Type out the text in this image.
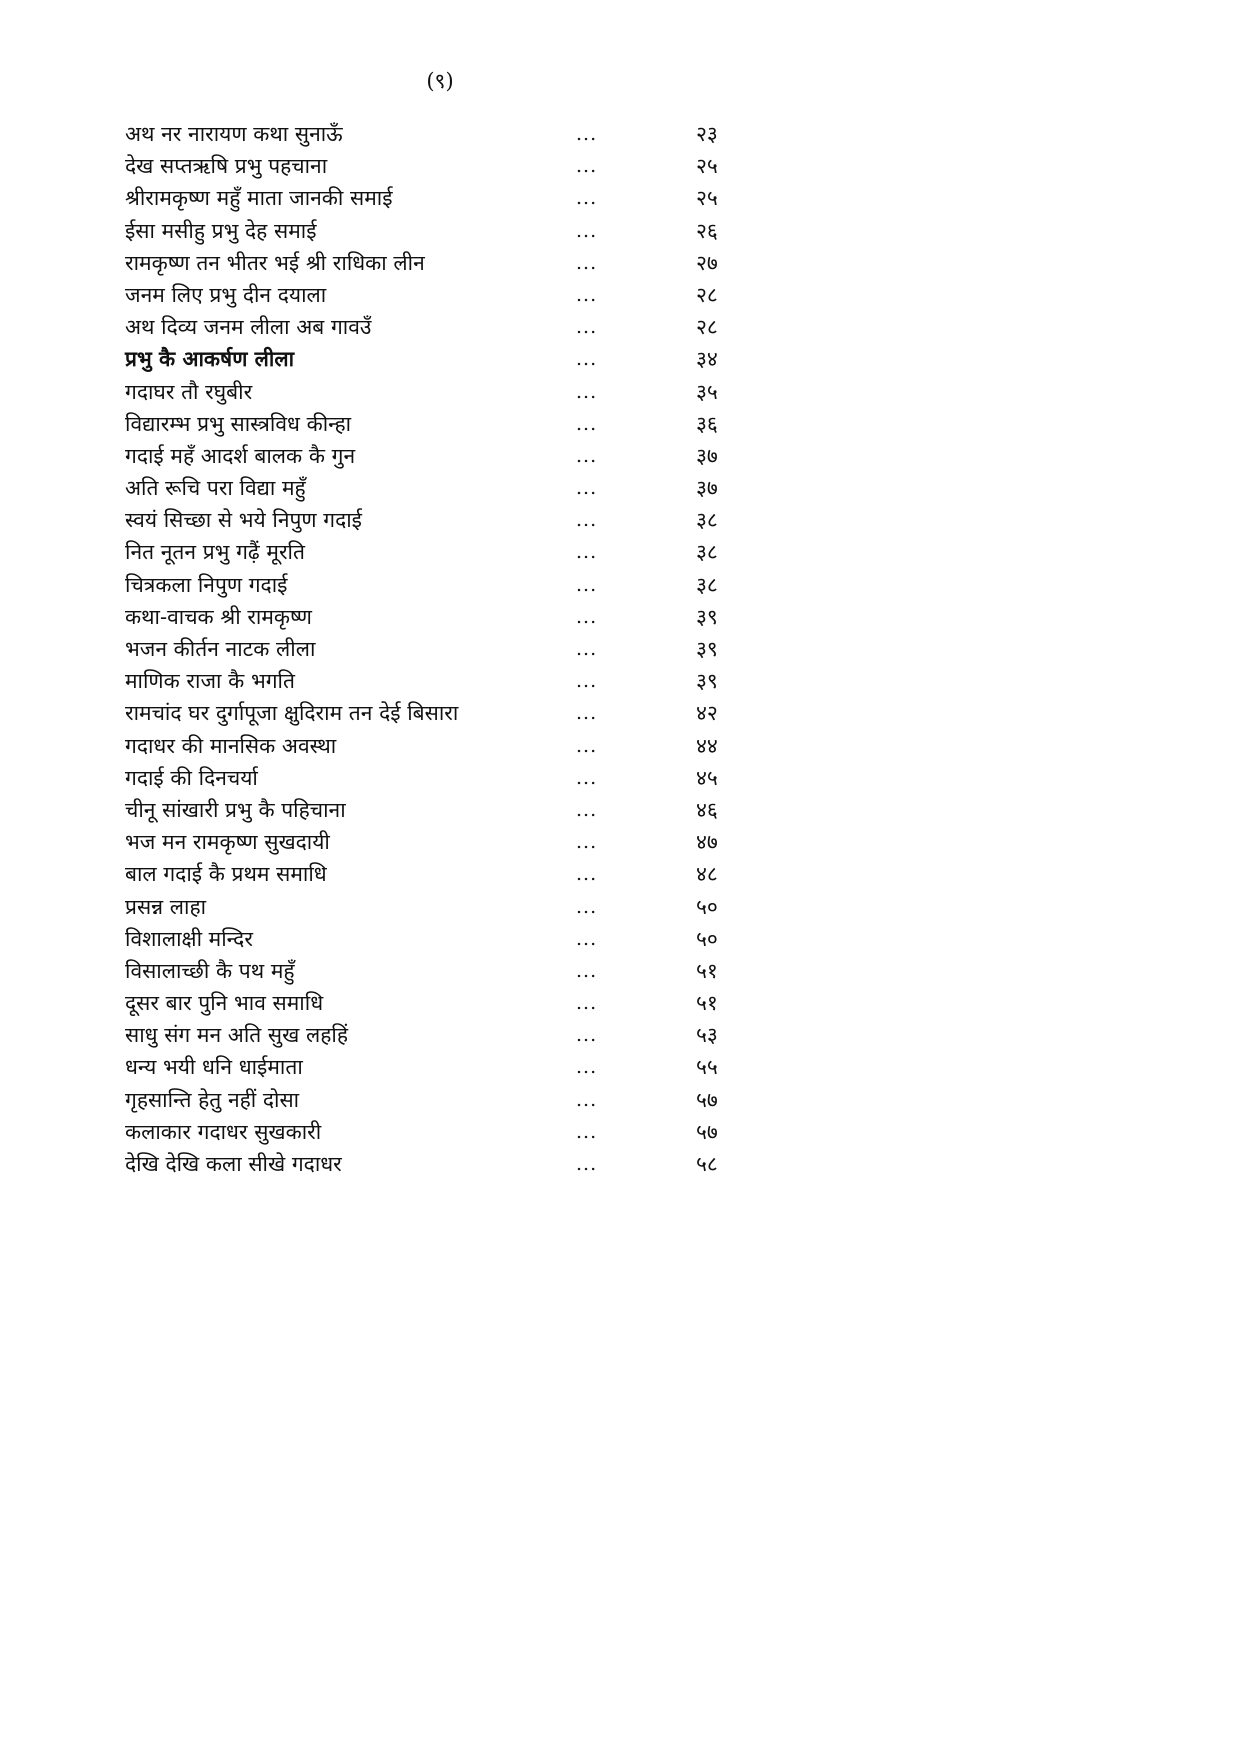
(९)
अथ नर नारायण कथा सुनाऊँ	...	२३
देख सप्तऋषि प्रभु पहचाना	...	२५
श्रीरामकृष्ण महुँ माता जानकी समाई	...	२५
ईसा मसीहु प्रभु देह समाई	...	२६
रामकृष्ण तन भीतर भई श्री राधिका लीन	...	२७
जनम लिए प्रभु दीन दयाला	...	२८
अथ दिव्य जनम लीला अब गावउँ	...	२८
प्रभु कै आकर्षण लीला	...	३४
गदाघर तौ रघुबीर	...	३५
विद्यारम्भ प्रभु सास्त्रविध कीन्हा	...	३६
गदाई महँ आदर्श बालक कै गुन	...	३७
अति रूचि परा विद्या महुँ	...	३७
स्वयं सिच्छा से भये निपुण गदाई	...	३८
नित नूतन प्रभु गढ़ैं मूरति	...	३८
चित्रकला निपुण गदाई	...	३८
कथा-वाचक श्री रामकृष्ण	...	३९
भजन कीर्तन नाटक लीला	...	३९
माणिक राजा कै भगति	...	३९
रामचांद घर दुर्गापूजा क्षुदिराम तन देई बिसारा	...	४२
गदाधर की मानसिक अवस्था	...	४४
गदाई की दिनचर्या	...	४५
चीनू सांखारी प्रभु कै पहिचाना	...	४६
भज मन रामकृष्ण सुखदायी	...	४७
बाल गदाई कै प्रथम समाधि	...	४८
प्रसन्न लाहा	...	५०
विशालाक्षी मन्दिर	...	५०
विसालाच्छी कै पथ महुँ	...	५१
दूसर बार पुनि भाव समाधि	...	५१
साधु संग मन अति सुख लहहिं	...	५३
धन्य भयी धनि धाईमाता	...	५५
गृहसान्ति हेतु नहीं दोसा	...	५७
कलाकार गदाधर सुखकारी	...	५७
देखि देखि कला सीखे गदाधर	...	५८
